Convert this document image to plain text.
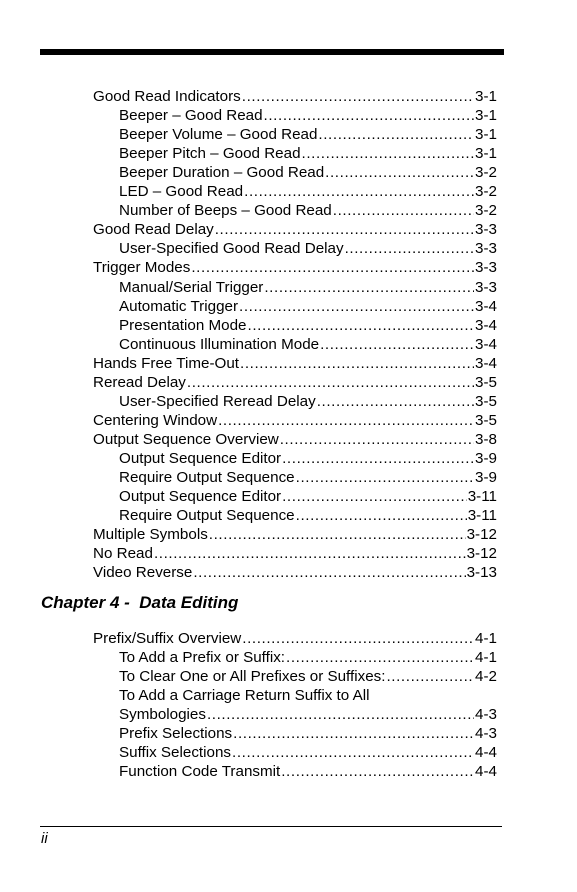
Good Read Indicators .....	3-1
Beeper – Good Read .....	3-1
Beeper Volume – Good Read .....	3-1
Beeper Pitch – Good Read .....	3-1
Beeper Duration – Good Read .....	3-2
LED – Good Read .....	3-2
Number of Beeps – Good Read .....	3-2
Good Read Delay .....	3-3
User-Specified Good Read Delay .....	3-3
Trigger Modes .....	3-3
Manual/Serial Trigger .....	3-3
Automatic Trigger .....	3-4
Presentation Mode .....	3-4
Continuous Illumination Mode .....	3-4
Hands Free Time-Out .....	3-4
Reread Delay .....	3-5
User-Specified Reread Delay .....	3-5
Centering Window .....	3-5
Output Sequence Overview .....	3-8
Output Sequence Editor .....	3-9
Require Output Sequence .....	3-9
Output Sequence Editor .....	3-11
Require Output Sequence .....	3-11
Multiple Symbols .....	3-12
No Read .....	3-12
Video Reverse .....	3-13
Chapter 4 -  Data Editing
Prefix/Suffix Overview .....	4-1
To Add a Prefix or Suffix: .....	4-1
To Clear One or All Prefixes or Suffixes: .....	4-2
To Add a Carriage Return Suffix to All
Symbologies .....	4-3
Prefix Selections .....	4-3
Suffix Selections .....	4-4
Function Code Transmit .....	4-4
ii
